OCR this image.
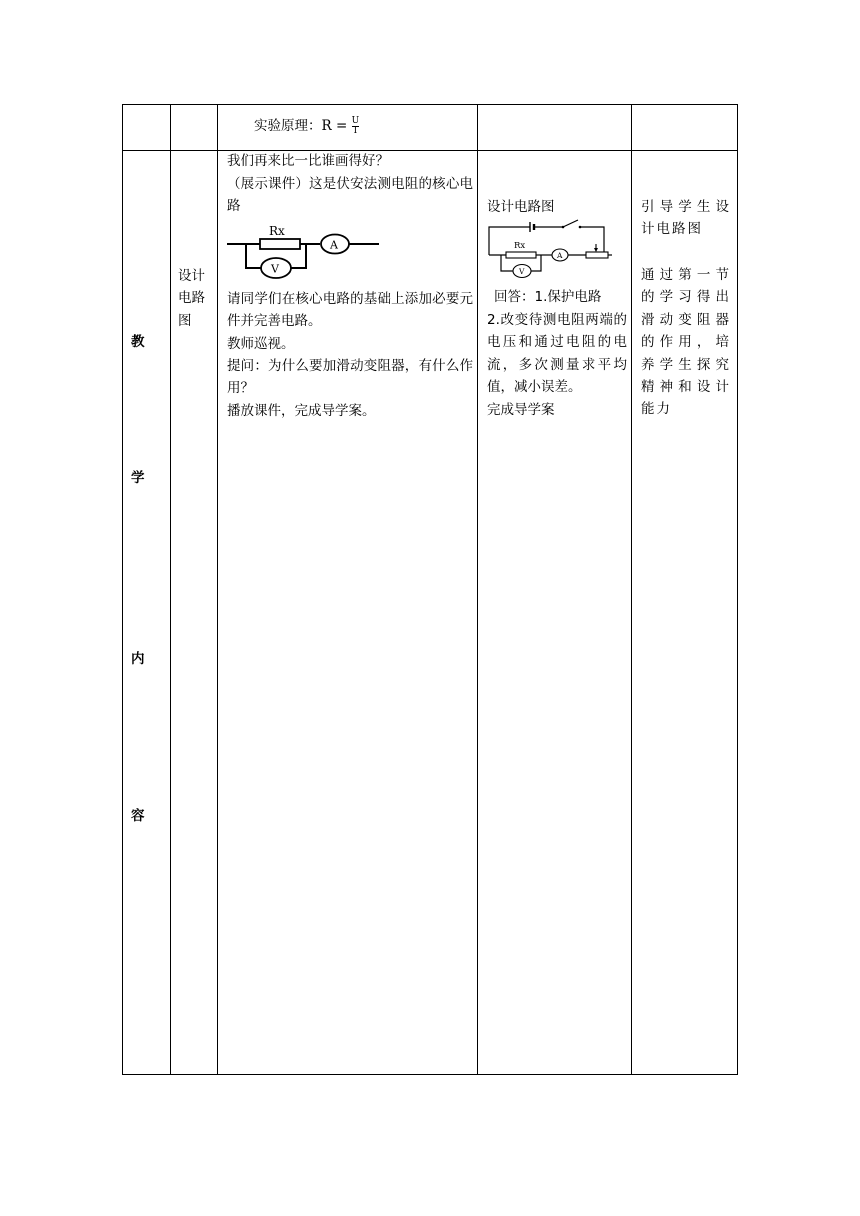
实验原理：$R = \frac{U}{I}$
教
学
内
容
设计电路图
我们再来比一比谁画得好？
（展示课件）这是伏安法测电阻的核心电路
Rx
A
V
请同学们在核心电路的基础上添加必要元件并完善电路。
教师巡视。
提问：为什么要加滑动变阻器，有什么作用？
播放课件，完成导学案。
设计电路图
Rx
A
V
回答：1.保护电路
2.改变待测电阻两端的电压和通过电阻的电流，多次测量求平均值，减小误差。
完成导学案
引导学生设计电路图
通过第一节的学习得出滑动变阻器的作用，培养学生探究精神和设计能力
